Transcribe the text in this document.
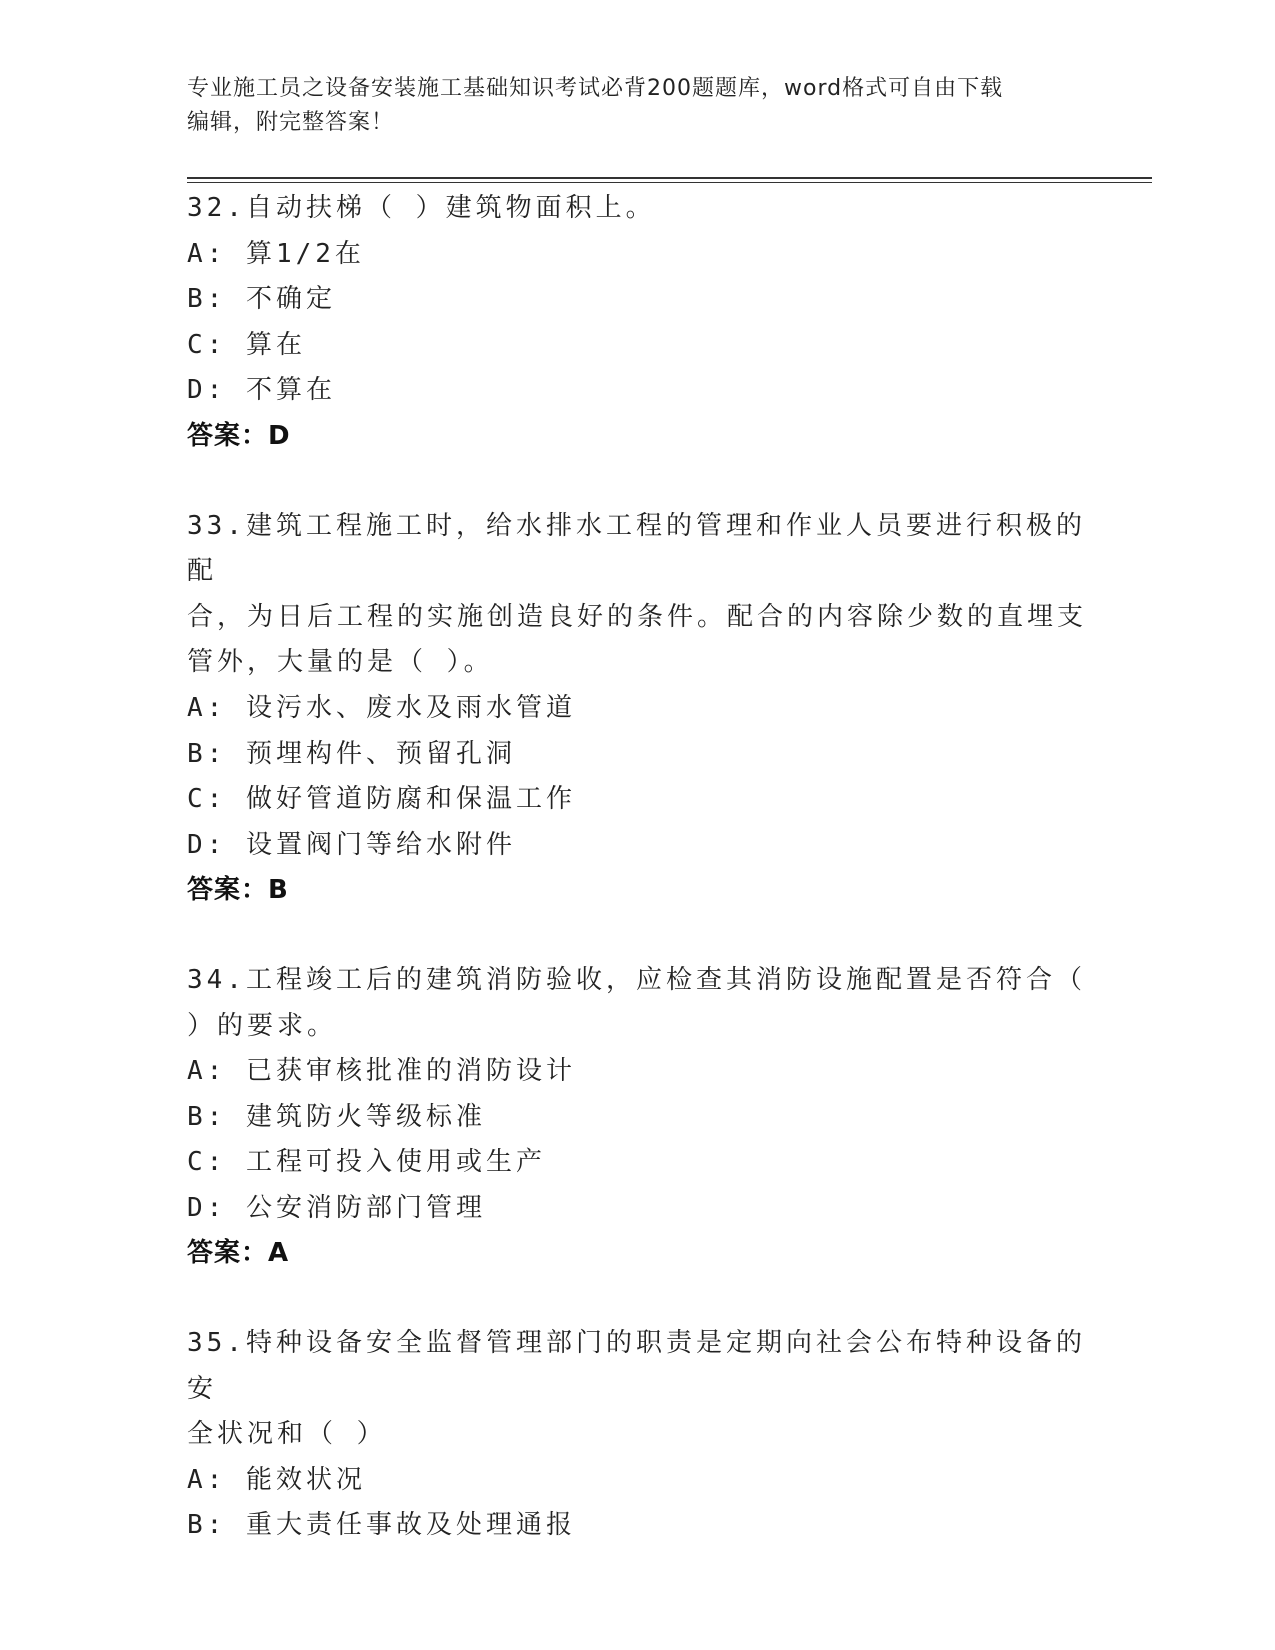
专业施工员之设备安装施工基础知识考试必背200题题库，word格式可自由下载
编辑，附完整答案！
32.自动扶梯（ ）建筑物面积上。
A: 算1/2在
B: 不确定
C: 算在
D: 不算在
答案：D
33.建筑工程施工时，给水排水工程的管理和作业人员要进行积极的配
合，为日后工程的实施创造良好的条件。配合的内容除少数的直埋支
管外，大量的是（ ）。
A: 设污水、废水及雨水管道
B: 预埋构件、预留孔洞
C: 做好管道防腐和保温工作
D: 设置阀门等给水附件
答案：B
34.工程竣工后的建筑消防验收，应检查其消防设施配置是否符合（
）的要求。
A: 已获审核批准的消防设计
B: 建筑防火等级标准
C: 工程可投入使用或生产
D: 公安消防部门管理
答案：A
35.特种设备安全监督管理部门的职责是定期向社会公布特种设备的安
全状况和（ ）
A: 能效状况
B: 重大责任事故及处理通报
